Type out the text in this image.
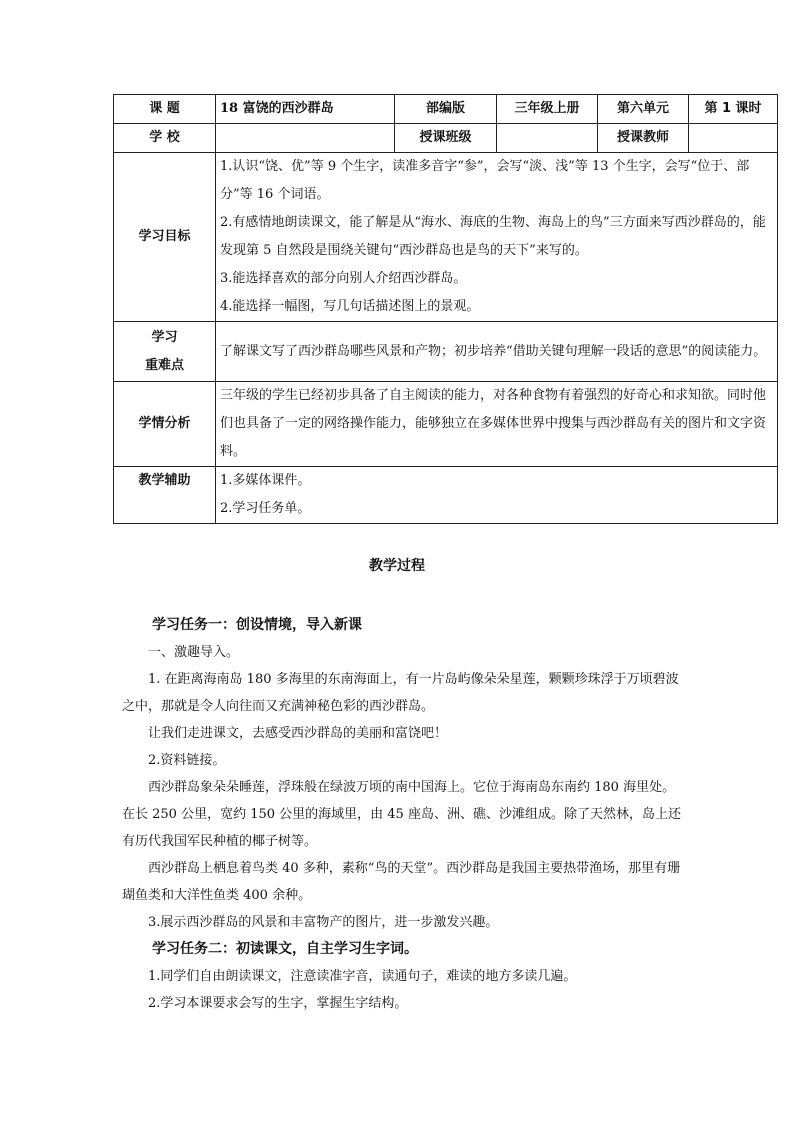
课 题	18 富饶的西沙群岛	部编版	三年级上册	第六单元	第 1 课时
学 校		授课班级		授课教师	
学习目标	1.认识“饶、优”等 9 个生字，读准多音字“参”，会写“淡、浅”等 13 个生字，会写“位于、部分”等 16 个词语。

2.有感情地朗读课文，能了解是从“海水、海底的生物、海岛上的鸟”三方面来写西沙群岛的，能发现第 5 自然段是围绕关键句“西沙群岛也是鸟的天下”来写的。

3.能选择喜欢的部分向别人介绍西沙群岛。

4.能选择一幅图，写几句话描述图上的景观。				

学习
重难点	了解课文写了西沙群岛哪些风景和产物；初步培养“借助关键句理解一段话的意思”的阅读能力。				
学情分析	三年级的学生已经初步具备了自主阅读的能力，对各种食物有着强烈的好奇心和求知欲。同时他们也具备了一定的网络操作能力，能够独立在多媒体世界中搜集与西沙群岛有关的图片和文字资料。				
教学辅助	1.多媒体课件。

2.学习任务单。				

教学过程

学习任务一：创设情境，导入新课

一、激趣导入。

1. 在距离海南岛 180 多海里的东南海面上，有一片岛屿像朵朵星莲，颗颗珍珠浮于万顷碧波之中，那就是令人向往而又充满神秘色彩的西沙群岛。

让我们走进课文，去感受西沙群岛的美丽和富饶吧！

2.资料链接。

西沙群岛象朵朵睡莲，浮珠般在绿波万顷的南中国海上。它位于海南岛东南约 180 海里处。在长 250 公里，宽约 150 公里的海域里，由 45 座岛、洲、礁、沙滩组成。除了天然林，岛上还有历代我国军民种植的椰子树等。

西沙群岛上栖息着鸟类 40 多种，素称“鸟的天堂”。西沙群岛是我国主要热带渔场，那里有珊瑚鱼类和大洋性鱼类 400 余种。

3.展示西沙群岛的风景和丰富物产的图片，进一步激发兴趣。

学习任务二：初读课文，自主学习生字词。

1.同学们自由朗读课文，注意读准字音，读通句子，难读的地方多读几遍。

2.学习本课要求会写的生字，掌握生字结构。
